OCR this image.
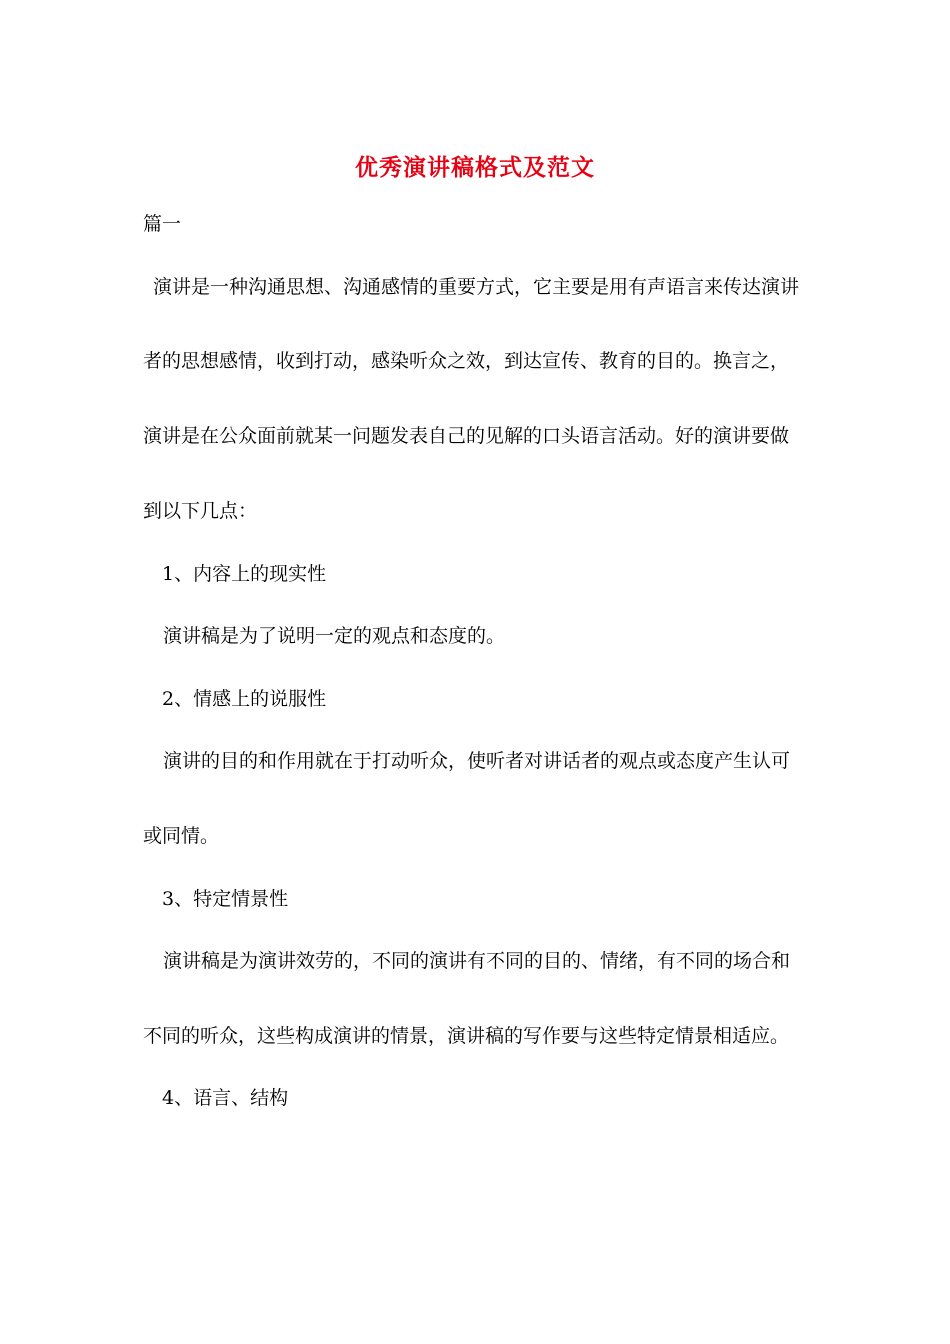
优秀演讲稿格式及范文

篇一

演讲是一种沟通思想、沟通感情的重要方式，它主要是用有声语言来传达演讲

者的思想感情，收到打动，感染听众之效，到达宣传、教育的目的。换言之，

演讲是在公众面前就某一问题发表自己的见解的口头语言活动。好的演讲要做

到以下几点：

1、内容上的现实性

演讲稿是为了说明一定的观点和态度的。

2、情感上的说服性

演讲的目的和作用就在于打动听众，使听者对讲话者的观点或态度产生认可

或同情。

3、特定情景性

演讲稿是为演讲效劳的，不同的演讲有不同的目的、情绪，有不同的场合和

不同的听众，这些构成演讲的情景，演讲稿的写作要与这些特定情景相适应。

4、语言、结构
